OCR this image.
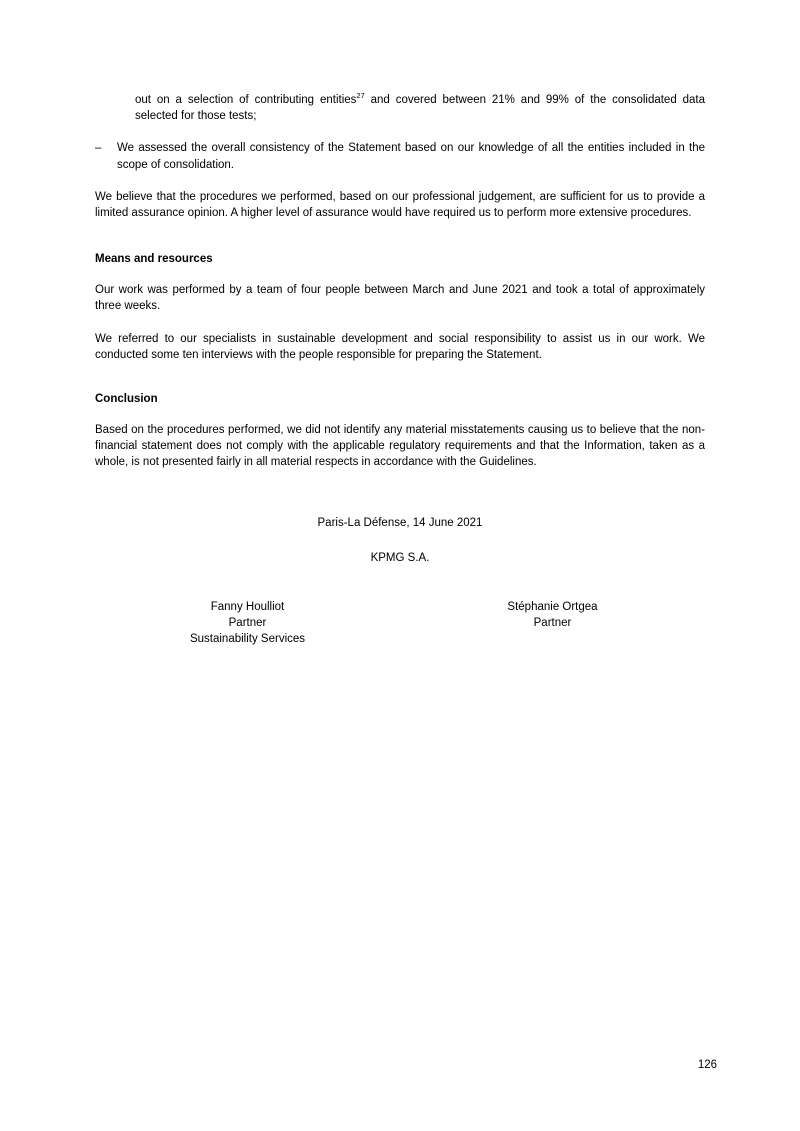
out on a selection of contributing entities$^{27}$ and covered between 21% and 99% of the consolidated data selected for those tests;
–	We assessed the overall consistency of the Statement based on our knowledge of all the entities included in the scope of consolidation.

We believe that the procedures we performed, based on our professional judgement, are sufficient for us to provide a limited assurance opinion. A higher level of assurance would have required us to perform more extensive procedures.

Means and resources

Our work was performed by a team of four people between March and June 2021 and took a total of approximately three weeks.

We referred to our specialists in sustainable development and social responsibility to assist us in our work. We conducted some ten interviews with the people responsible for preparing the Statement.

Conclusion

Based on the procedures performed, we did not identify any material misstatements causing us to believe that the non-financial statement does not comply with the applicable regulatory requirements and that the Information, taken as a whole, is not presented fairly in all material respects in accordance with the Guidelines.

Paris-La Défense, 14 June 2021

KPMG S.A.

Fanny Houlliot
Partner
Sustainability Services
Stéphanie Ortgea
Partner
126
